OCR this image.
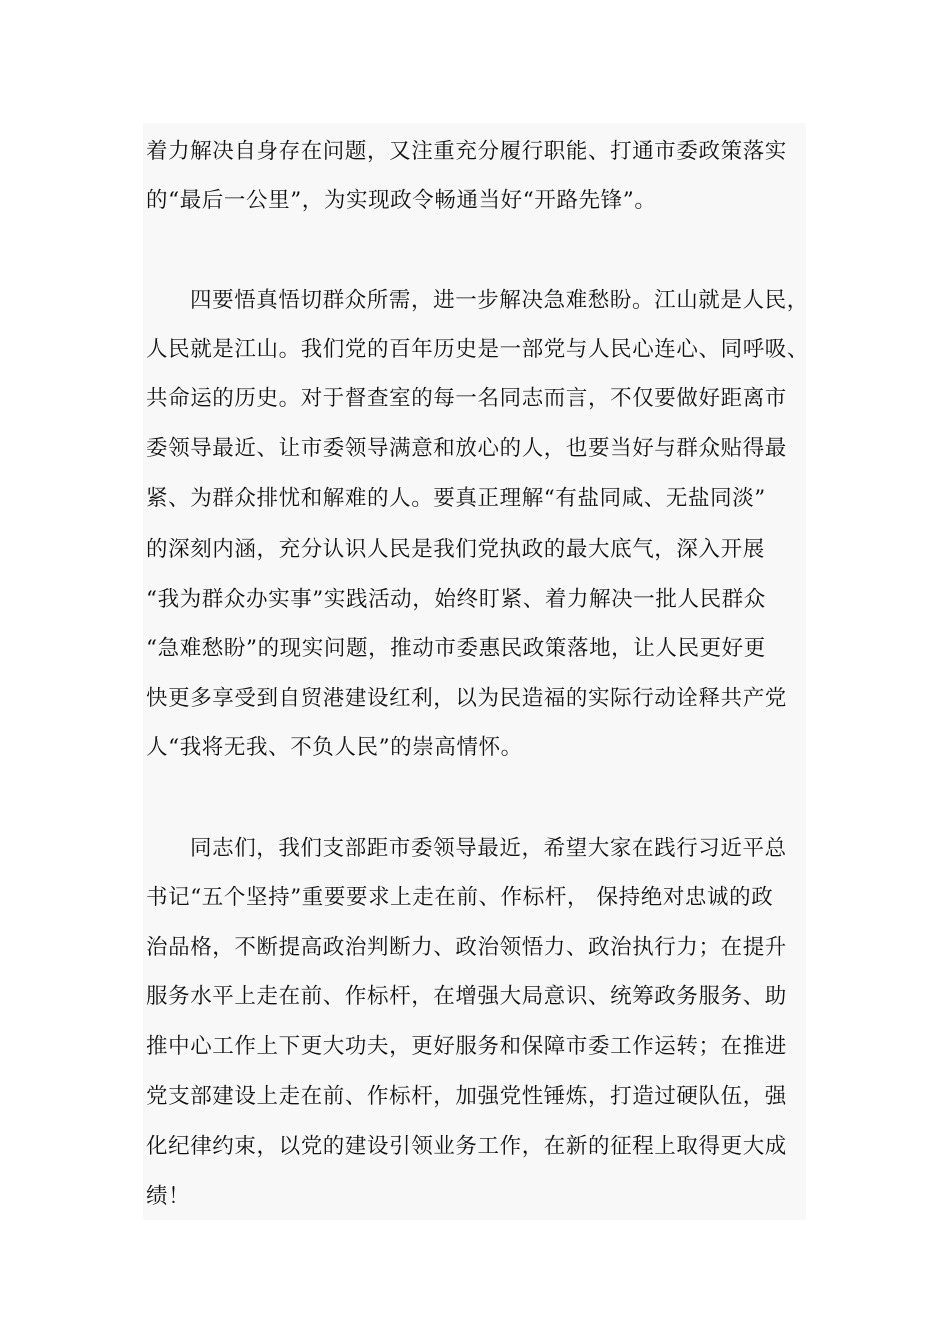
着力解决自身存在问题，又注重充分履行职能、打通市委政策落实

的“最后一公里”，为实现政令畅通当好“开路先锋”。

四要悟真悟切群众所需，进一步解决急难愁盼。江山就是人民，

人民就是江山。我们党的百年历史是一部党与人民心连心、同呼吸、

共命运的历史。对于督查室的每一名同志而言，不仅要做好距离市

委领导最近、让市委领导满意和放心的人，也要当好与群众贴得最

紧、为群众排忧和解难的人。要真正理解“有盐同咸、无盐同淡”

的深刻内涵，充分认识人民是我们党执政的最大底气，深入开展

“我为群众办实事”实践活动，始终盯紧、着力解决一批人民群众

“急难愁盼”的现实问题，推动市委惠民政策落地，让人民更好更

快更多享受到自贸港建设红利，以为民造福的实际行动诠释共产党

人“我将无我、不负人民”的崇高情怀。

同志们，我们支部距市委领导最近，希望大家在践行习近平总

书记“五个坚持”重要要求上走在前、作标杆， 保持绝对忠诚的政

治品格，不断提高政治判断力、政治领悟力、政治执行力；在提升

服务水平上走在前、作标杆，在增强大局意识、统筹政务服务、助

推中心工作上下更大功夫，更好服务和保障市委工作运转；在推进

党支部建设上走在前、作标杆，加强党性锤炼，打造过硬队伍，强

化纪律约束，以党的建设引领业务工作，在新的征程上取得更大成

绩！
